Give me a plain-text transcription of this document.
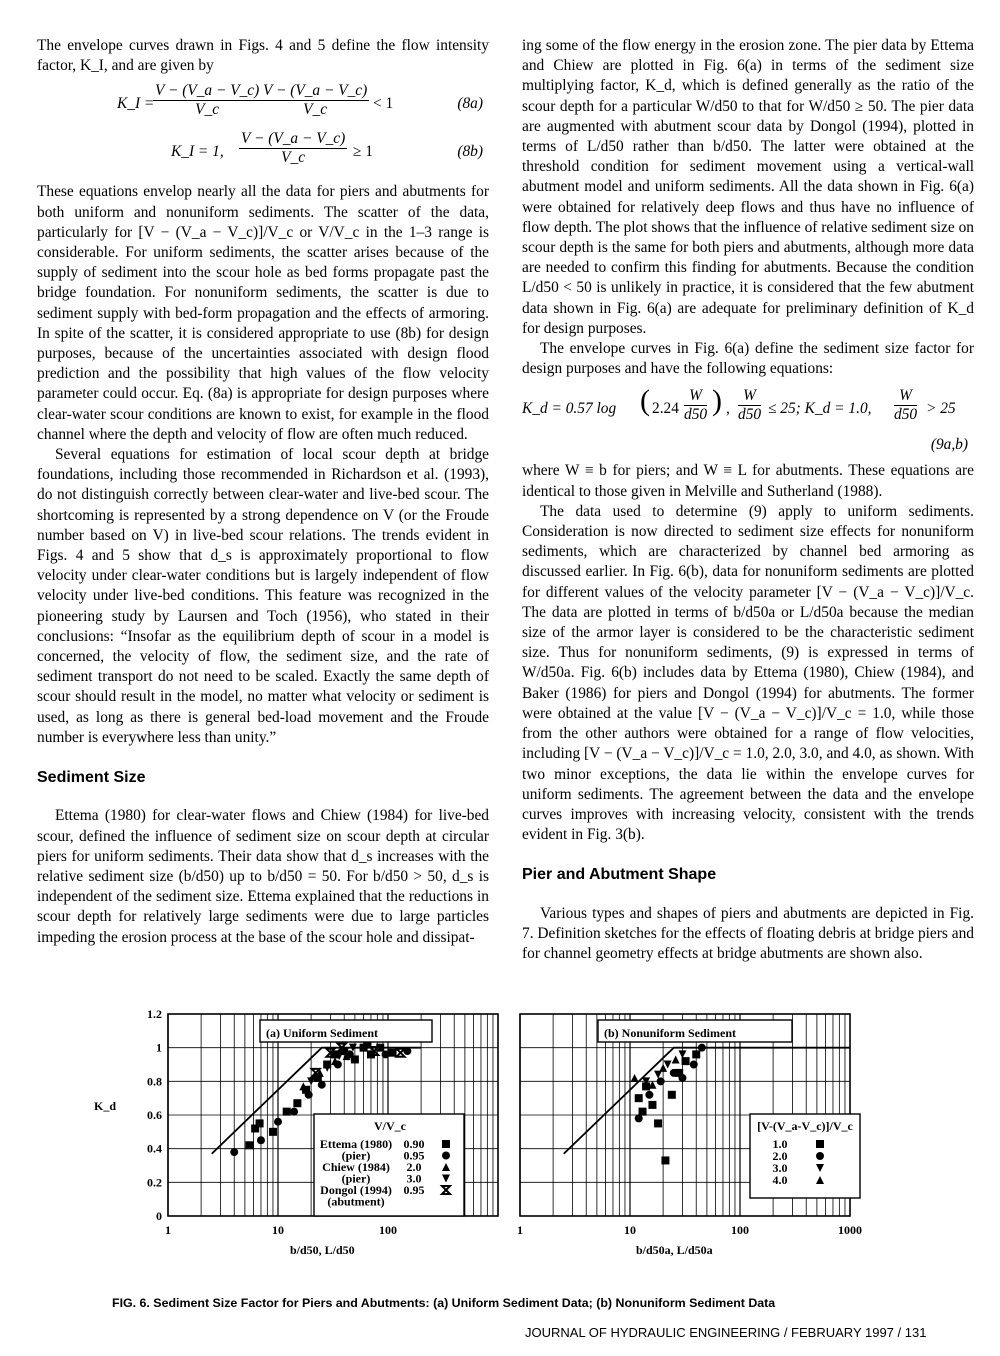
The envelope curves drawn in Figs. 4 and 5 define the flow intensity factor, K_I, and are given by

K_I =
$\frac{V - (V\_a - V\_c)}{V\_c} \frac{V - (V\_a - V\_c)}{V\_c} < 1$	(8a)
K_I = 1, $\frac{V - (V\_a - V\_c)}{V\_c} \ge 1$	(8b)

These equations envelop nearly all the data for piers and abutments for both uniform and nonuniform sediments. The scatter of the data, particularly for [V − (V_a − V_c)]/V_c or V/V_c in the 1–3 range is considerable. For uniform sediments, the scatter arises because of the supply of sediment into the scour hole as bed forms propagate past the bridge foundation. For nonuniform sediments, the scatter is due to sediment supply with bed-form propagation and the effects of armoring. In spite of the scatter, it is considered appropriate to use (8b) for design purposes, because of the uncertainties associated with design flood prediction and the possibility that high values of the flow velocity parameter could occur. Eq. (8a) is appropriate for design purposes where clear-water scour conditions are known to exist, for example in the flood channel where the depth and velocity of flow are often much reduced.

Several equations for estimation of local scour depth at bridge foundations, including those recommended in Richardson et al. (1993), do not distinguish correctly between clear-water and live-bed scour. The shortcoming is represented by a strong dependence on V (or the Froude number based on V) in live-bed scour relations. The trends evident in Figs. 4 and 5 show that d_s is approximately proportional to flow velocity under clear-water conditions but is largely independent of flow velocity under live-bed conditions. This feature was recognized in the pioneering study by Laursen and Toch (1956), who stated in their conclusions: “Insofar as the equilibrium depth of scour in a model is concerned, the velocity of flow, the sediment size, and the rate of sediment transport do not need to be scaled. Exactly the same depth of scour should result in the model, no matter what velocity or sediment is used, as long as there is general bed-load movement and the Froude number is everywhere less than unity.”

Sediment Size

Ettema (1980) for clear-water flows and Chiew (1984) for live-bed scour, defined the influence of sediment size on scour depth at circular piers for uniform sediments. Their data show that d_s increases with the relative sediment size (b/d50) up to b/d50 = 50. For b/d50 > 50, d_s is independent of the sediment size. Ettema explained that the reductions in scour depth for relatively large sediments were due to large particles impeding the erosion process at the base of the scour hole and dissipat-

ing some of the flow energy in the erosion zone. The pier data by Ettema and Chiew are plotted in Fig. 6(a) in terms of the sediment size multiplying factor, K_d, which is defined generally as the ratio of the scour depth for a particular W/d50 to that for W/d50 ≥ 50. The pier data are augmented with abutment scour data by Dongol (1994), plotted in terms of L/d50 rather than b/d50. The latter were obtained at the threshold condition for sediment movement using a vertical-wall abutment model and uniform sediments. All the data shown in Fig. 6(a) were obtained for relatively deep flows and thus have no influence of flow depth. The plot shows that the influence of relative sediment size on scour depth is the same for both piers and abutments, although more data are needed to confirm this finding for abutments. Because the condition L/d50 < 50 is unlikely in practice, it is considered that the few abutment data shown in Fig. 6(a) are adequate for preliminary definition of K_d for design purposes.

The envelope curves in Fig. 6(a) define the sediment size factor for design purposes and have the following equations:

K_d = 0.57 log ( $2.24 \frac{W}{d50}$ ) , $\frac{W}{d50} \le 25$; K_d = 1.0, $\frac{W}{d50} > 25$
(9a,b)

where W ≡ b for piers; and W ≡ L for abutments. These equations are identical to those given in Melville and Sutherland (1988).

The data used to determine (9) apply to uniform sediments. Consideration is now directed to sediment size effects for nonuniform sediments, which are characterized by channel bed armoring as discussed earlier. In Fig. 6(b), data for nonuniform sediments are plotted for different values of the velocity parameter [V − (V_a − V_c)]/V_c. The data are plotted in terms of b/d50a or L/d50a because the median size of the armor layer is considered to be the characteristic sediment size. Thus for nonuniform sediments, (9) is expressed in terms of W/d50a. Fig. 6(b) includes data by Ettema (1980), Chiew (1984), and Baker (1986) for piers and Dongol (1994) for abutments. The former were obtained at the value [V − (V_a − V_c)]/V_c = 1.0, while those from the other authors were obtained for a range of flow velocities, including [V − (V_a − V_c)]/V_c = 1.0, 2.0, 3.0, and 4.0, as shown. With two minor exceptions, the data lie within the envelope curves for uniform sediments. The agreement between the data and the envelope curves improves with increasing velocity, consistent with the trends evident in Fig. 3(b).

Pier and Abutment Shape

Various types and shapes of piers and abutments are depicted in Fig. 7. Definition sketches for the effects of floating debris at bridge piers and for channel geometry effects at bridge abutments are shown also.

K_d
0
0.2
0.4
0.6
0.8
1
1.2
1	10	100
b/d50, L/d50
(a) Uniform Sediment
V/V_c
Ettema (1980) 0.90
(pier)	0.95
Chiew (1984) 2.0
(pier)	3.0
Dongol (1994) 0.95
(abutment)
1	10	100	1000
b/d50a, L/d50a
(b) Nonuniform Sediment
[V-(V_a-V_c)]/V_c
1.0
2.0
3.0
4.0
FIG. 6. Sediment Size Factor for Piers and Abutments: (a) Uniform Sediment Data; (b) Nonuniform Sediment Data
JOURNAL OF HYDRAULIC ENGINEERING / FEBRUARY 1997 / 131
